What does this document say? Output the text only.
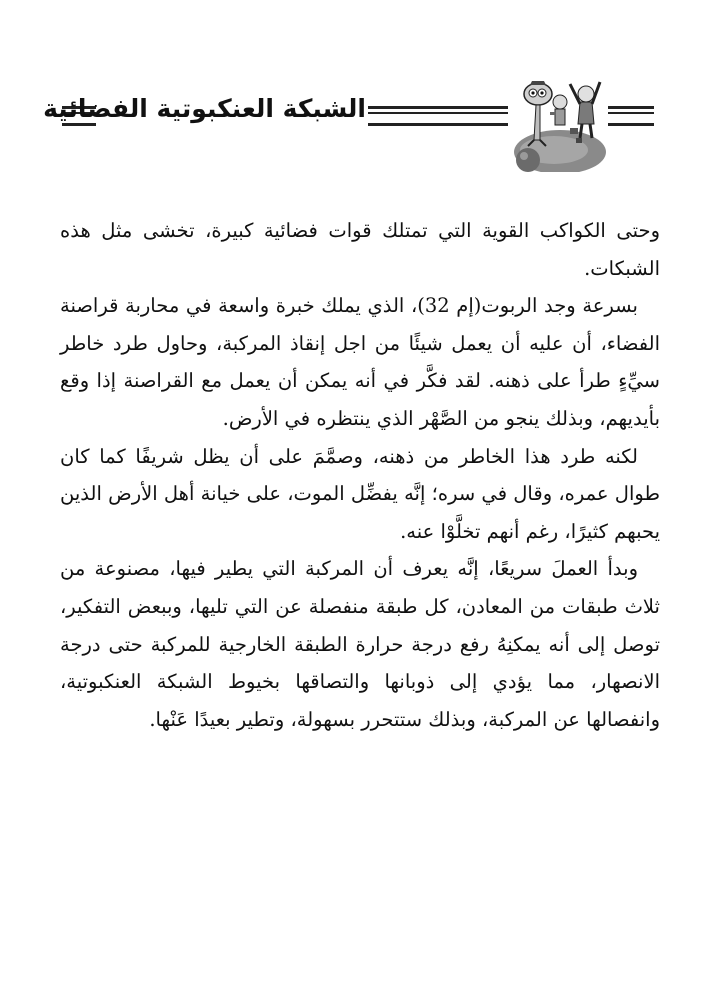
الشبكة العنكبوتية الفضائية

وحتى الكواكب القوية التي تمتلك قوات فضائية كبيرة، تخشى مثل هذه الشبكات.

بسرعة وجد الربوت(إم 32)، الذي يملك خبرة واسعة في محاربة قراصنة الفضاء، أن عليه أن يعمل شيئًا من اجل إنقاذ المركبة، وحاول طرد خاطر سيِّءٍ طرأ على ذهنه. لقد فكَّر في أنه يمكن أن يعمل مع القراصنة إذا وقع بأيديهم، وبذلك ينجو من الصَّهْر الذي ينتظره في الأرض.

لكنه طرد هذا الخاطر من ذهنه، وصمَّمَ على أن يظل شريفًا كما كان طوال عمره، وقال في سره؛ إنَّه يفضِّل الموت، على خيانة أهل الأرض الذين يحبهم كثيرًا، رغم أنهم تخلَّوْا عنه.

وبدأ العملَ سريعًا، إنَّه يعرف أن المركبة التي يطير فيها، مصنوعة من ثلاث طبقات من المعادن، كل طبقة منفصلة عن التي تليها، وببعض التفكير، توصل إلى أنه يمكنِهُ رفع درجة حرارة الطبقة الخارجية للمركبة حتى درجة الانصهار، مما يؤدي إلى ذوبانها والتصاقها بخيوط الشبكة العنكبوتية، وانفصالها عن المركبة، وبذلك ستتحرر بسهولة، وتطير بعيدًا عَنْها.
